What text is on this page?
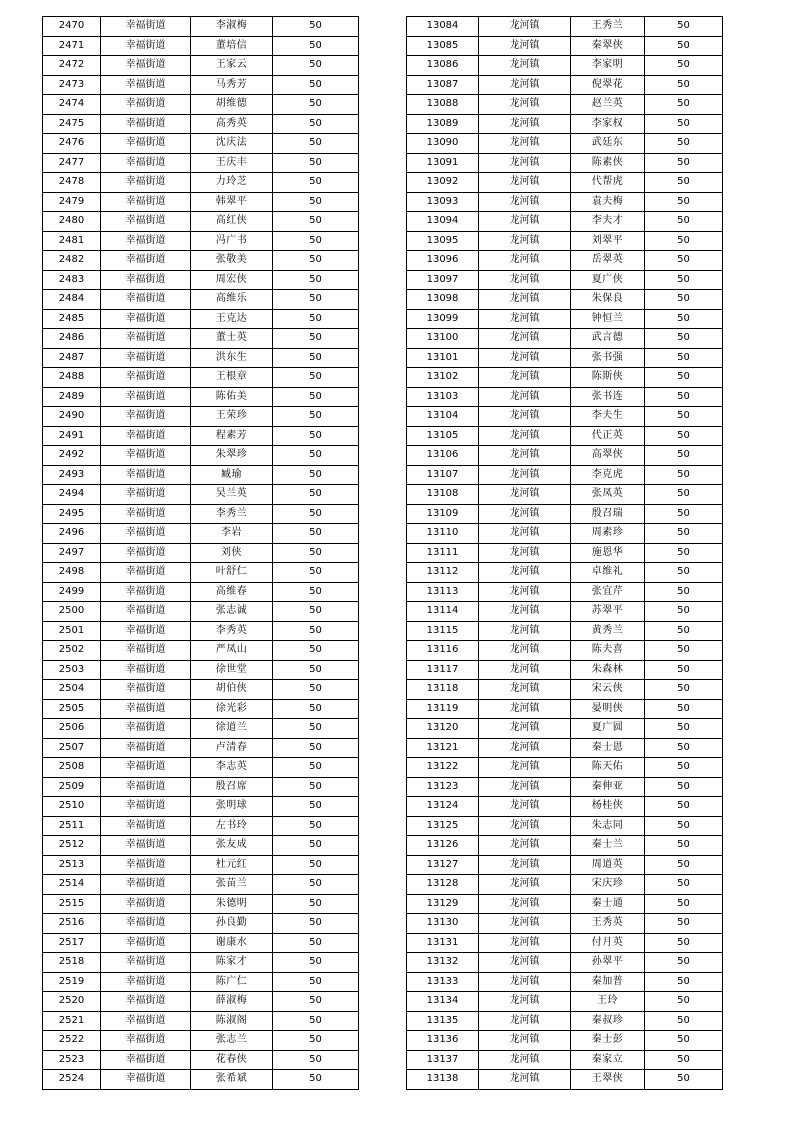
2470	幸福街道	李淑梅	50
2471	幸福街道	董培信	50
2472	幸福街道	王家云	50
2473	幸福街道	马秀芳	50
2474	幸福街道	胡维德	50
2475	幸福街道	高秀英	50
2476	幸福街道	沈庆法	50
2477	幸福街道	王庆丰	50
2478	幸福街道	力玲芝	50
2479	幸福街道	韩翠平	50
2480	幸福街道	高红侠	50
2481	幸福街道	冯广书	50
2482	幸福街道	张敬美	50
2483	幸福街道	周宏侠	50
2484	幸福街道	高维乐	50
2485	幸福街道	王克达	50
2486	幸福街道	董士英	50
2487	幸福街道	洪东生	50
2488	幸福街道	王根章	50
2489	幸福街道	陈佑美	50
2490	幸福街道	王荣珍	50
2491	幸福街道	程素芳	50
2492	幸福街道	朱翠珍	50
2493	幸福街道	臧瑜	50
2494	幸福街道	吴兰英	50
2495	幸福街道	李秀兰	50
2496	幸福街道	李岩	50
2497	幸福街道	刘侠	50
2498	幸福街道	叶舒仁	50
2499	幸福街道	高维春	50
2500	幸福街道	张志诚	50
2501	幸福街道	李秀英	50
2502	幸福街道	严凤山	50
2503	幸福街道	徐世堂	50
2504	幸福街道	胡伯侠	50
2505	幸福街道	徐光彩	50
2506	幸福街道	徐道兰	50
2507	幸福街道	卢清春	50
2508	幸福街道	李志英	50
2509	幸福街道	殷召席	50
2510	幸福街道	张明球	50
2511	幸福街道	左书玲	50
2512	幸福街道	张友成	50
2513	幸福街道	杜元红	50
2514	幸福街道	张苗兰	50
2515	幸福街道	朱德明	50
2516	幸福街道	孙良勤	50
2517	幸福街道	谢康水	50
2518	幸福街道	陈家才	50
2519	幸福街道	陈广仁	50
2520	幸福街道	薛淑梅	50
2521	幸福街道	陈淑阁	50
2522	幸福街道	张志兰	50
2523	幸福街道	花春侠	50
2524	幸福街道	张希斌	50
13084	龙河镇	王秀兰	50
13085	龙河镇	秦翠侠	50
13086	龙河镇	李家明	50
13087	龙河镇	倪翠花	50
13088	龙河镇	赵兰英	50
13089	龙河镇	李家权	50
13090	龙河镇	武廷东	50
13091	龙河镇	陈素侠	50
13092	龙河镇	代帮虎	50
13093	龙河镇	袁夫梅	50
13094	龙河镇	李夫才	50
13095	龙河镇	刘翠平	50
13096	龙河镇	岳翠英	50
13097	龙河镇	夏广侠	50
13098	龙河镇	朱保良	50
13099	龙河镇	钟恒兰	50
13100	龙河镇	武言德	50
13101	龙河镇	张书强	50
13102	龙河镇	陈斯侠	50
13103	龙河镇	张书连	50
13104	龙河镇	李夫生	50
13105	龙河镇	代正英	50
13106	龙河镇	高翠侠	50
13107	龙河镇	李克虎	50
13108	龙河镇	张凤英	50
13109	龙河镇	殷召瑞	50
13110	龙河镇	周素珍	50
13111	龙河镇	施恩华	50
13112	龙河镇	卓维礼	50
13113	龙河镇	张宜芹	50
13114	龙河镇	苏翠平	50
13115	龙河镇	黄秀兰	50
13116	龙河镇	陈夫喜	50
13117	龙河镇	朱森林	50
13118	龙河镇	宋云侠	50
13119	龙河镇	晏明侠	50
13120	龙河镇	夏广圆	50
13121	龙河镇	秦士恩	50
13122	龙河镇	陈天佑	50
13123	龙河镇	秦伸亚	50
13124	龙河镇	杨桂侠	50
13125	龙河镇	朱志同	50
13126	龙河镇	秦士兰	50
13127	龙河镇	周道英	50
13128	龙河镇	宋庆珍	50
13129	龙河镇	秦士通	50
13130	龙河镇	王秀英	50
13131	龙河镇	付月英	50
13132	龙河镇	孙翠平	50
13133	龙河镇	秦加普	50
13134	龙河镇	王玲	50
13135	龙河镇	秦叔珍	50
13136	龙河镇	秦士彭	50
13137	龙河镇	秦家立	50
13138	龙河镇	王翠侠	50
